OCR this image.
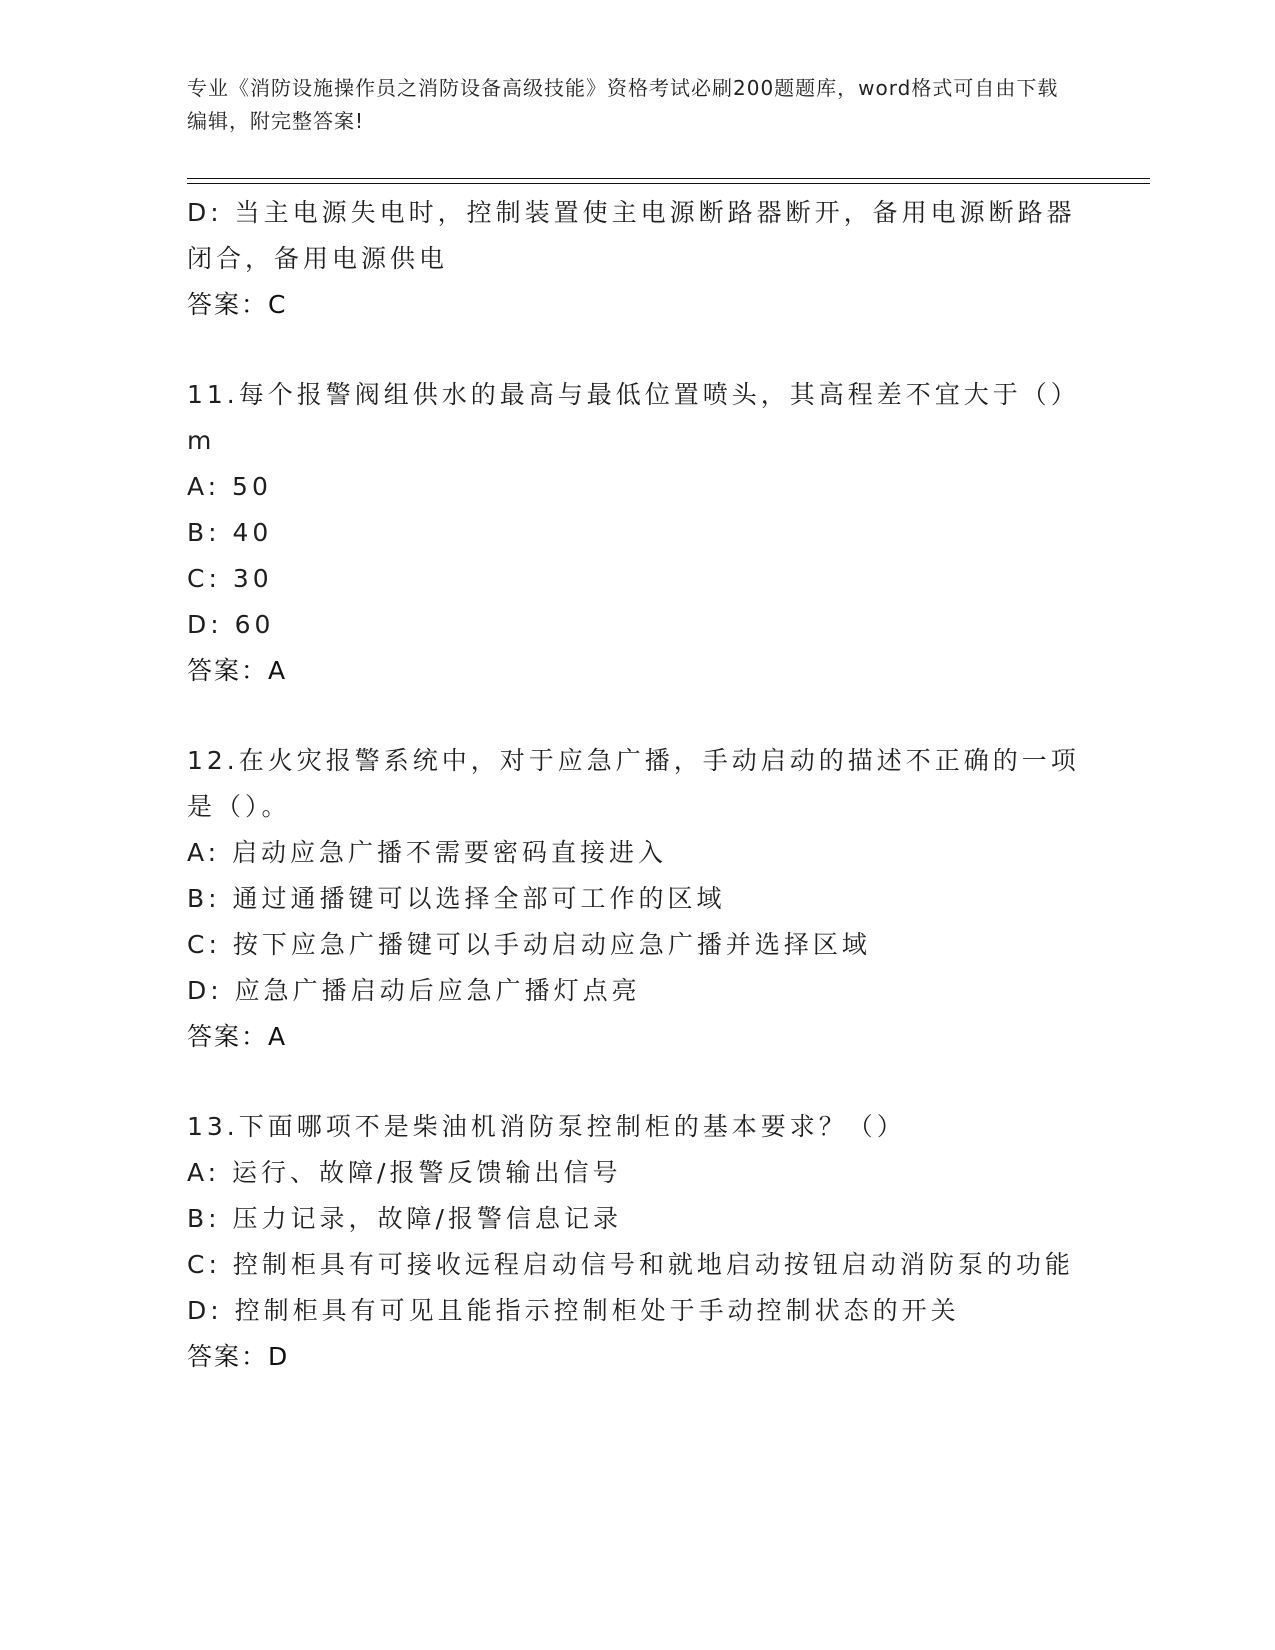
专业《消防设施操作员之消防设备高级技能》资格考试必刷200题题库，word格式可自由下载编辑，附完整答案!
D: 当主电源失电时，控制装置使主电源断路器断开，备用电源断路器
闭合，备用电源供电
答案：C
11.每个报警阀组供水的最高与最低位置喷头，其高程差不宜大于（）
m
A: 50
B: 40
C: 30
D: 60
答案：A
12.在火灾报警系统中，对于应急广播，手动启动的描述不正确的一项
是（）。
A: 启动应急广播不需要密码直接进入
B: 通过通播键可以选择全部可工作的区域
C: 按下应急广播键可以手动启动应急广播并选择区域
D: 应急广播启动后应急广播灯点亮
答案：A
13.下面哪项不是柴油机消防泵控制柜的基本要求？（）
A: 运行、故障/报警反馈输出信号
B: 压力记录，故障/报警信息记录
C: 控制柜具有可接收远程启动信号和就地启动按钮启动消防泵的功能
D: 控制柜具有可见且能指示控制柜处于手动控制状态的开关
答案：D
